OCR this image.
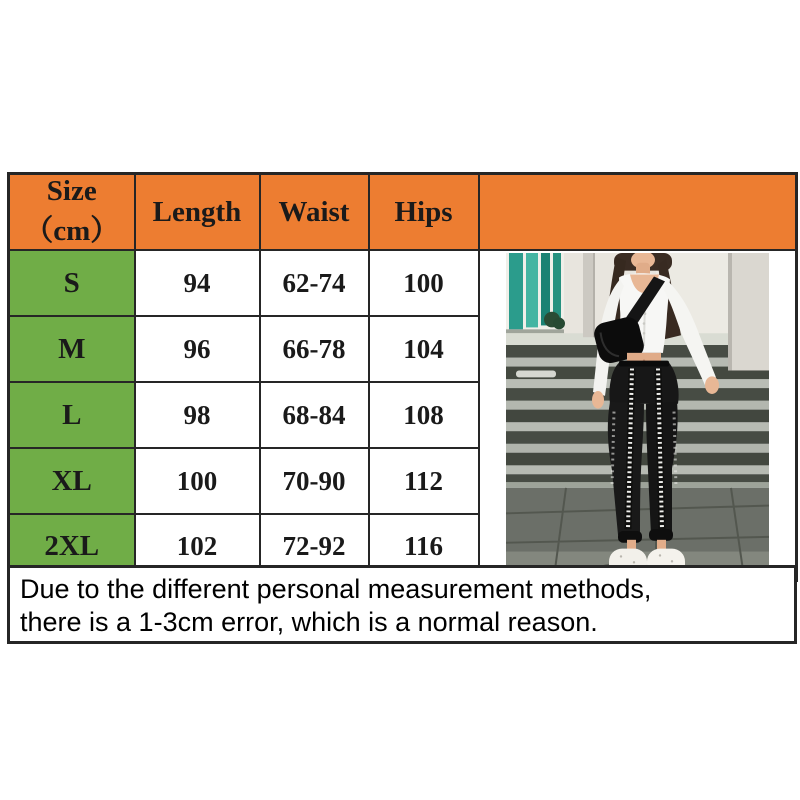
Size（cm）	Length	Waist	Hips	
S	94	62-74	100	

M	96	66-78	104	
L	98	68-84	108	
XL	100	70-90	112	
2XL	102	72-92	116	
Due to the different personal measurement methods,
there is a 1-3cm error, which is a normal reason.
